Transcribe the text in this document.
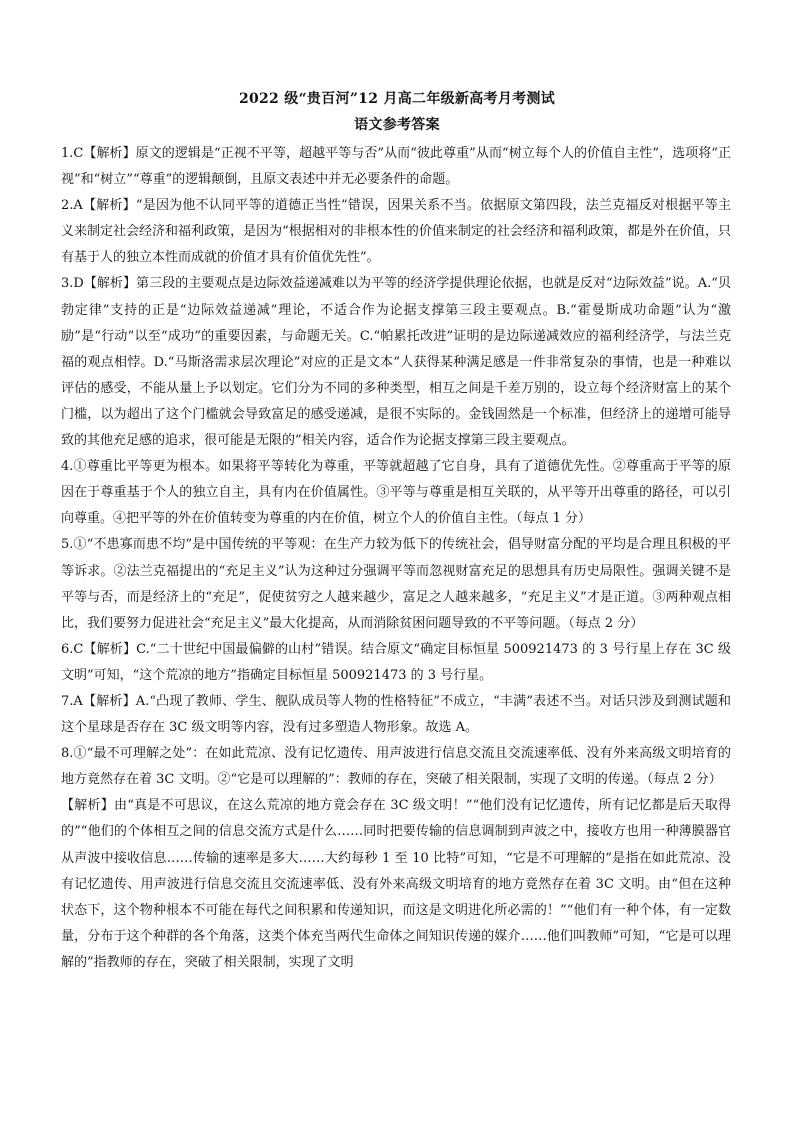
2022 级“贵百河”12 月高二年级新高考月考测试
语文参考答案

1.C【解析】原文的逻辑是“正视不平等，超越平等与否”从而“彼此尊重”从而“树立每个人的价值自主性”，选项将“正视”和“树立”“尊重”的逻辑颠倒，且原文表述中并无必要条件的命题。

2.A【解析】“是因为他不认同平等的道德正当性”错误，因果关系不当。依据原文第四段，法兰克福反对根据平等主义来制定社会经济和福利政策，是因为“根据相对的非根本性的价值来制定的社会经济和福利政策，都是外在价值，只有基于人的独立本性而成就的价值才具有价值优先性”。

3.D【解析】第三段的主要观点是边际效益递减难以为平等的经济学提供理论依据，也就是反对“边际效益”说。A.“贝勃定律”支持的正是“边际效益递减”理论，不适合作为论据支撑第三段主要观点。B.“霍曼斯成功命题”认为“激励”是“行动”以至“成功”的重要因素，与命题无关。C.“帕累托改进”证明的是边际递减效应的福利经济学，与法兰克福的观点相悖。D.“马斯洛需求层次理论”对应的正是文本“人获得某种满足感是一件非常复杂的事情，也是一种难以评估的感受，不能从量上予以划定。它们分为不同的多种类型，相互之间是千差万别的，设立每个经济财富上的某个门槛，以为超出了这个门槛就会导致富足的感受递减，是很不实际的。金钱固然是一个标准，但经济上的递增可能导致的其他充足感的追求，很可能是无限的”相关内容，适合作为论据支撑第三段主要观点。

4.①尊重比平等更为根本。如果将平等转化为尊重，平等就超越了它自身，具有了道德优先性。②尊重高于平等的原因在于尊重基于个人的独立自主，具有内在价值属性。③平等与尊重是相互关联的，从平等开出尊重的路径，可以引向尊重。④把平等的外在价值转变为尊重的内在价值，树立个人的价值自主性。（每点 1 分）

5.①“不患寡而患不均”是中国传统的平等观：在生产力较为低下的传统社会，倡导财富分配的平均是合理且积极的平等诉求。②法兰克福提出的“充足主义”认为这种过分强调平等而忽视财富充足的思想具有历史局限性。强调关键不是平等与否，而是经济上的“充足”，促使贫穷之人越来越少，富足之人越来越多，“充足主义”才是正道。③两种观点相比，我们要努力促进社会“充足主义”最大化提高，从而消除贫困问题导致的不平等问题。（每点 2 分）

6.C【解析】C.“二十世纪中国最偏僻的山村”错误。结合原文“确定目标恒星 500921473 的 3 号行星上存在 3C 级文明”可知，“这个荒凉的地方”指确定目标恒星 500921473 的 3 号行星。

7.A【解析】A.“凸现了教师、学生、舰队成员等人物的性格特征”不成立，“丰满”表述不当。对话只涉及到测试题和这个星球是否存在 3C 级文明等内容，没有过多塑造人物形象。故选 A。

8.①“最不可理解之处”：在如此荒凉、没有记忆遗传、用声波进行信息交流且交流速率低、没有外来高级文明培育的地方竟然存在着 3C 文明。②“它是可以理解的”：教师的存在，突破了相关限制，实现了文明的传递。（每点 2 分）

【解析】由“真是不可思议，在这么荒凉的地方竟会存在 3C 级文明！”“他们没有记忆遗传，所有记忆都是后天取得的”“他们的个体相互之间的信息交流方式是什么……同时把要传输的信息调制到声波之中，接收方也用一种薄膜器官从声波中接收信息……传输的速率是多大……大约每秒 1 至 10 比特”可知，“它是不可理解的”是指在如此荒凉、没有记忆遗传、用声波进行信息交流且交流速率低、没有外来高级文明培育的地方竟然存在着 3C 文明。由“但在这种状态下，这个物种根本不可能在每代之间积累和传递知识，而这是文明进化所必需的！”“他们有一种个体，有一定数量，分布于这个种群的各个角落，这类个体充当两代生命体之间知识传递的媒介……他们叫教师”可知，“它是可以理解的”指教师的存在，突破了相关限制，实现了文明
